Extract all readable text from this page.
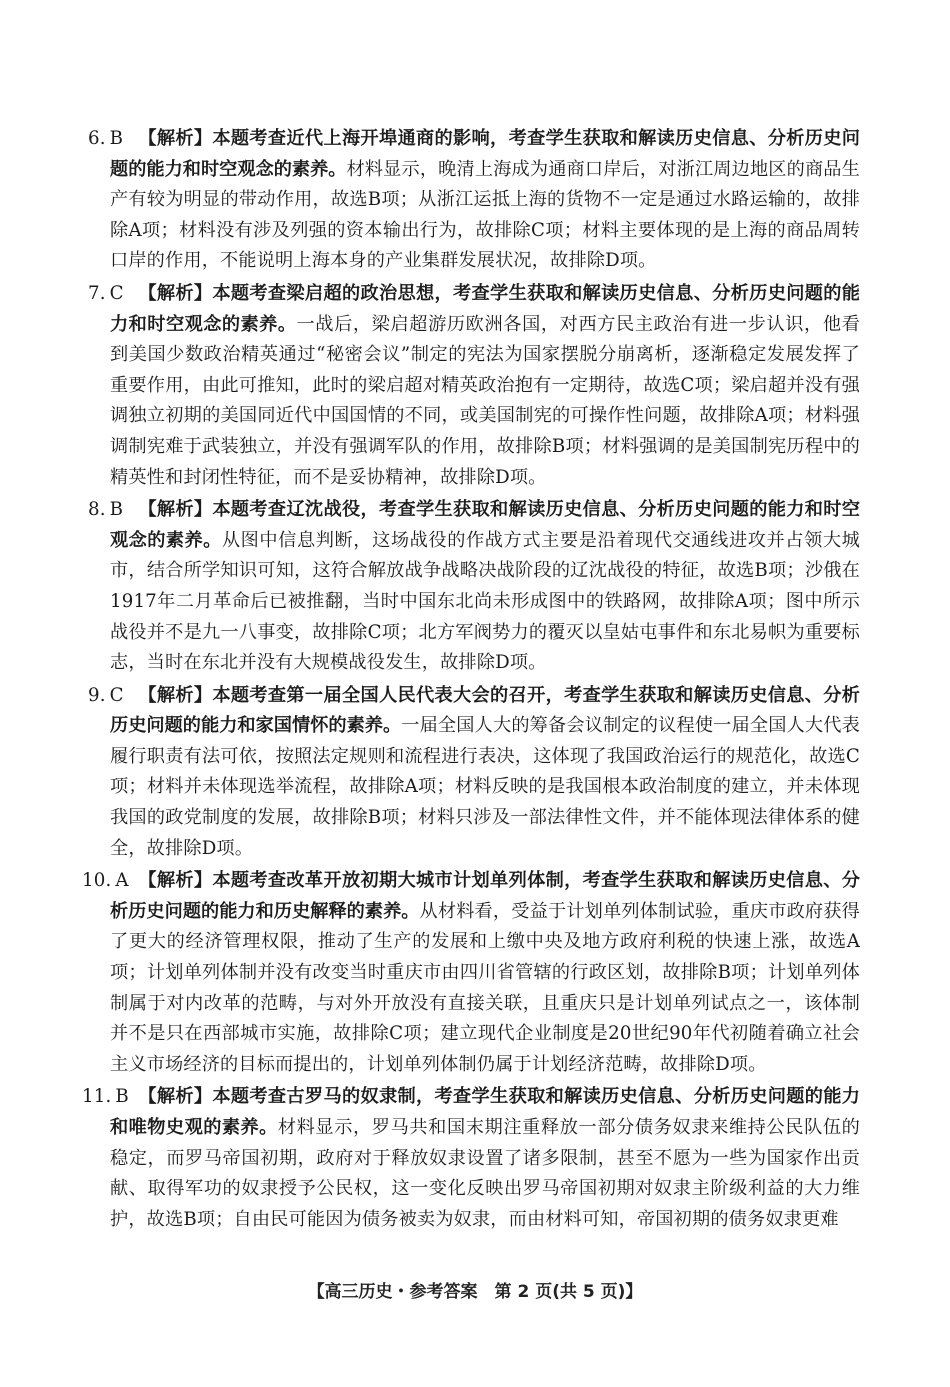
6. B 【解析】本题考查近代上海开埠通商的影响，考查学生获取和解读历史信息、分析历史问题的能力和时空观念的素养。材料显示，晚清上海成为通商口岸后，对浙江周边地区的商品生产有较为明显的带动作用，故选B项；从浙江运抵上海的货物不一定是通过水路运输的，故排除A项；材料没有涉及列强的资本输出行为，故排除C项；材料主要体现的是上海的商品周转口岸的作用，不能说明上海本身的产业集群发展状况，故排除D项。
7. C 【解析】本题考查梁启超的政治思想，考查学生获取和解读历史信息、分析历史问题的能力和时空观念的素养。一战后，梁启超游历欧洲各国，对西方民主政治有进一步认识，他看到美国少数政治精英通过“秘密会议”制定的宪法为国家摆脱分崩离析，逐渐稳定发展发挥了重要作用，由此可推知，此时的梁启超对精英政治抱有一定期待，故选C项；梁启超并没有强调独立初期的美国同近代中国国情的不同，或美国制宪的可操作性问题，故排除A项；材料强调制宪难于武装独立，并没有强调军队的作用，故排除B项；材料强调的是美国制宪历程中的精英性和封闭性特征，而不是妥协精神，故排除D项。
8. B 【解析】本题考查辽沈战役，考查学生获取和解读历史信息、分析历史问题的能力和时空观念的素养。从图中信息判断，这场战役的作战方式主要是沿着现代交通线进攻并占领大城市，结合所学知识可知，这符合解放战争战略决战阶段的辽沈战役的特征，故选B项；沙俄在1917年二月革命后已被推翻，当时中国东北尚未形成图中的铁路网，故排除A项；图中所示战役并不是九一八事变，故排除C项；北方军阀势力的覆灭以皇姑屯事件和东北易帜为重要标志，当时在东北并没有大规模战役发生，故排除D项。
9. C 【解析】本题考查第一届全国人民代表大会的召开，考查学生获取和解读历史信息、分析历史问题的能力和家国情怀的素养。一届全国人大的筹备会议制定的议程使一届全国人大代表履行职责有法可依，按照法定规则和流程进行表决，这体现了我国政治运行的规范化，故选C项；材料并未体现选举流程，故排除A项；材料反映的是我国根本政治制度的建立，并未体现我国的政党制度的发展，故排除B项；材料只涉及一部法律性文件，并不能体现法律体系的健全，故排除D项。
10. A 【解析】本题考查改革开放初期大城市计划单列体制，考查学生获取和解读历史信息、分析历史问题的能力和历史解释的素养。从材料看，受益于计划单列体制试验，重庆市政府获得了更大的经济管理权限，推动了生产的发展和上缴中央及地方政府利税的快速上涨，故选A项；计划单列体制并没有改变当时重庆市由四川省管辖的行政区划，故排除B项；计划单列体制属于对内改革的范畴，与对外开放没有直接关联，且重庆只是计划单列试点之一，该体制并不是只在西部城市实施，故排除C项；建立现代企业制度是20世纪90年代初随着确立社会主义市场经济的目标而提出的，计划单列体制仍属于计划经济范畴，故排除D项。
11. B 【解析】本题考查古罗马的奴隶制，考查学生获取和解读历史信息、分析历史问题的能力和唯物史观的素养。材料显示，罗马共和国末期注重释放一部分债务奴隶来维持公民队伍的稳定，而罗马帝国初期，政府对于释放奴隶设置了诸多限制，甚至不愿为一些为国家作出贡献、取得军功的奴隶授予公民权，这一变化反映出罗马帝国初期对奴隶主阶级利益的大力维护，故选B项；自由民可能因为债务被卖为奴隶，而由材料可知，帝国初期的债务奴隶更难
【高三历史・参考答案　第 2 页(共 5 页)】
